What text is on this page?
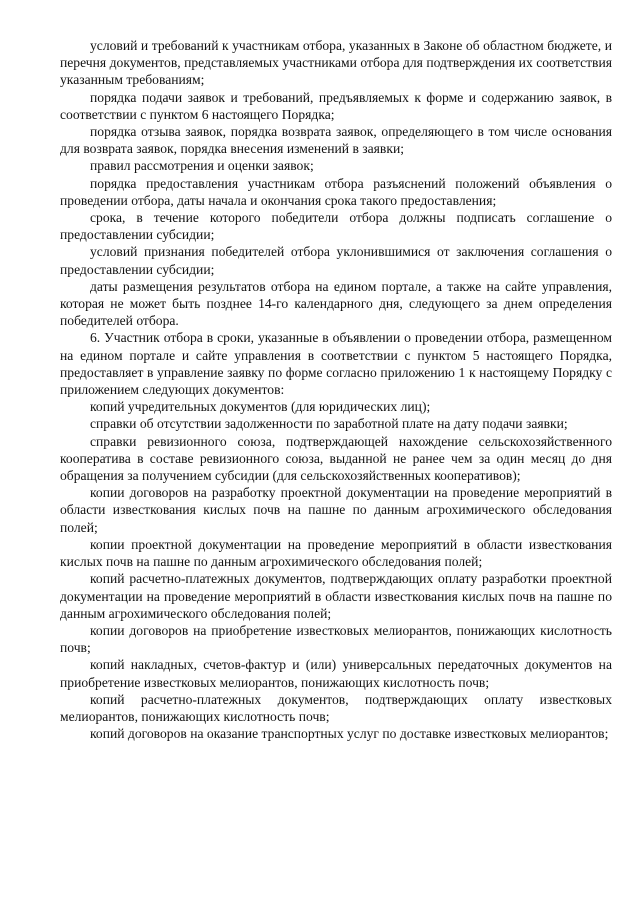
условий и требований к участникам отбора, указанных в Законе об областном бюджете, и перечня документов, представляемых участниками отбора для подтверждения их соответствия указанным требованиям;

порядка подачи заявок и требований, предъявляемых к форме и содержанию заявок, в соответствии с пунктом 6 настоящего Порядка;

порядка отзыва заявок, порядка возврата заявок, определяющего в том числе основания для возврата заявок, порядка внесения изменений в заявки;

правил рассмотрения и оценки заявок;

порядка предоставления участникам отбора разъяснений положений объявления о проведении отбора, даты начала и окончания срока такого предоставления;

срока, в течение которого победители отбора должны подписать соглашение о предоставлении субсидии;

условий признания победителей отбора уклонившимися от заключения соглашения о предоставлении субсидии;

даты размещения результатов отбора на едином портале, а также на сайте управления, которая не может быть позднее 14-го календарного дня, следующего за днем определения победителей отбора.

6. Участник отбора в сроки, указанные в объявлении о проведении отбора, размещенном на едином портале и сайте управления в соответствии с пунктом 5 настоящего Порядка, предоставляет в управление заявку по форме согласно приложению 1 к настоящему Порядку с приложением следующих документов:

копий учредительных документов (для юридических лиц);

справки об отсутствии задолженности по заработной плате на дату подачи заявки;

справки ревизионного союза, подтверждающей нахождение сельскохозяйственного кооператива в составе ревизионного союза, выданной не ранее чем за один месяц до дня обращения за получением субсидии (для сельскохозяйственных кооперативов);

копии договоров на разработку проектной документации на проведение мероприятий в области известкования кислых почв на пашне по данным агрохимического обследования полей;

копии проектной документации на проведение мероприятий в области известкования кислых почв на пашне по данным агрохимического обследования полей;

копий расчетно-платежных документов, подтверждающих оплату разработки проектной документации на проведение мероприятий в области известкования кислых почв на пашне по данным агрохимического обследования полей;

копии договоров на приобретение известковых мелиорантов, понижающих кислотность почв;

копий накладных, счетов-фактур и (или) универсальных передаточных документов на приобретение известковых мелиорантов, понижающих кислотность почв;

копий расчетно-платежных документов, подтверждающих оплату известковых мелиорантов, понижающих кислотность почв;

копий договоров на оказание транспортных услуг по доставке известковых мелиорантов;
